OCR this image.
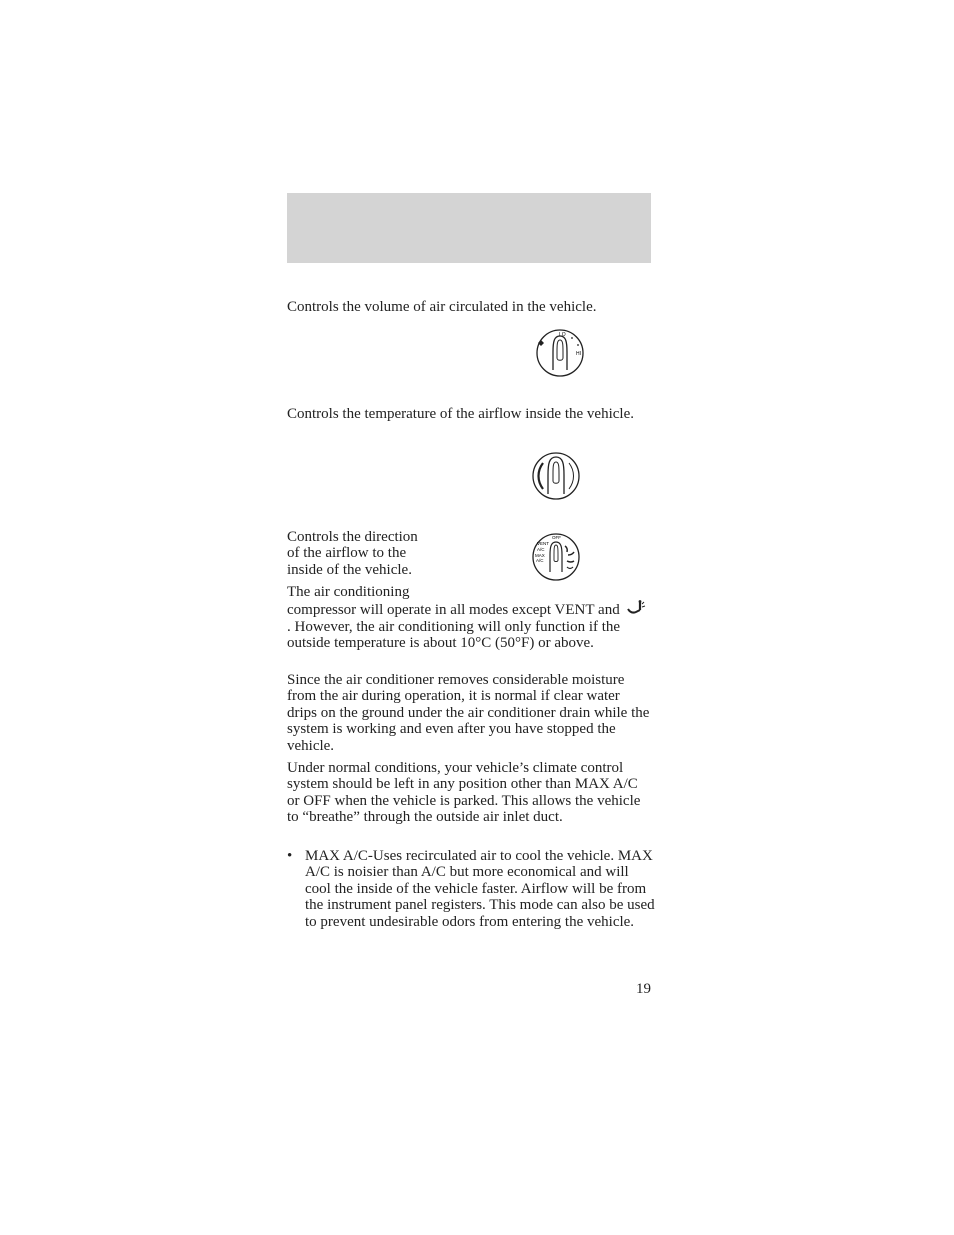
Controls the volume of air circulated in the vehicle.

LO
HI

Controls the temperature of the airflow inside the vehicle.

Controls the direction
of the airflow to the
inside of the vehicle.

OFF
VENT
A/C
MAX
A/C

The air conditioning
compressor will operate in all modes except VENT and. However, the air conditioning will only function if the outside temperature is about 10°C (50°F) or above.

Since the air conditioner removes considerable moisture from the air during operation, it is normal if clear water drips on the ground under the air conditioner drain while the system is working and even after you have stopped the vehicle.

Under normal conditions, your vehicle’s climate control system should be left in any position other than MAX A/C or OFF when the vehicle is parked. This allows the vehicle to “breathe” through the outside air inlet duct.

• MAX A/C-Uses recirculated air to cool the vehicle. MAX A/C is noisier than A/C but more economical and will cool the inside of the vehicle faster. Airflow will be from the instrument panel registers. This mode can also be used to prevent undesirable odors from entering the vehicle.

19
